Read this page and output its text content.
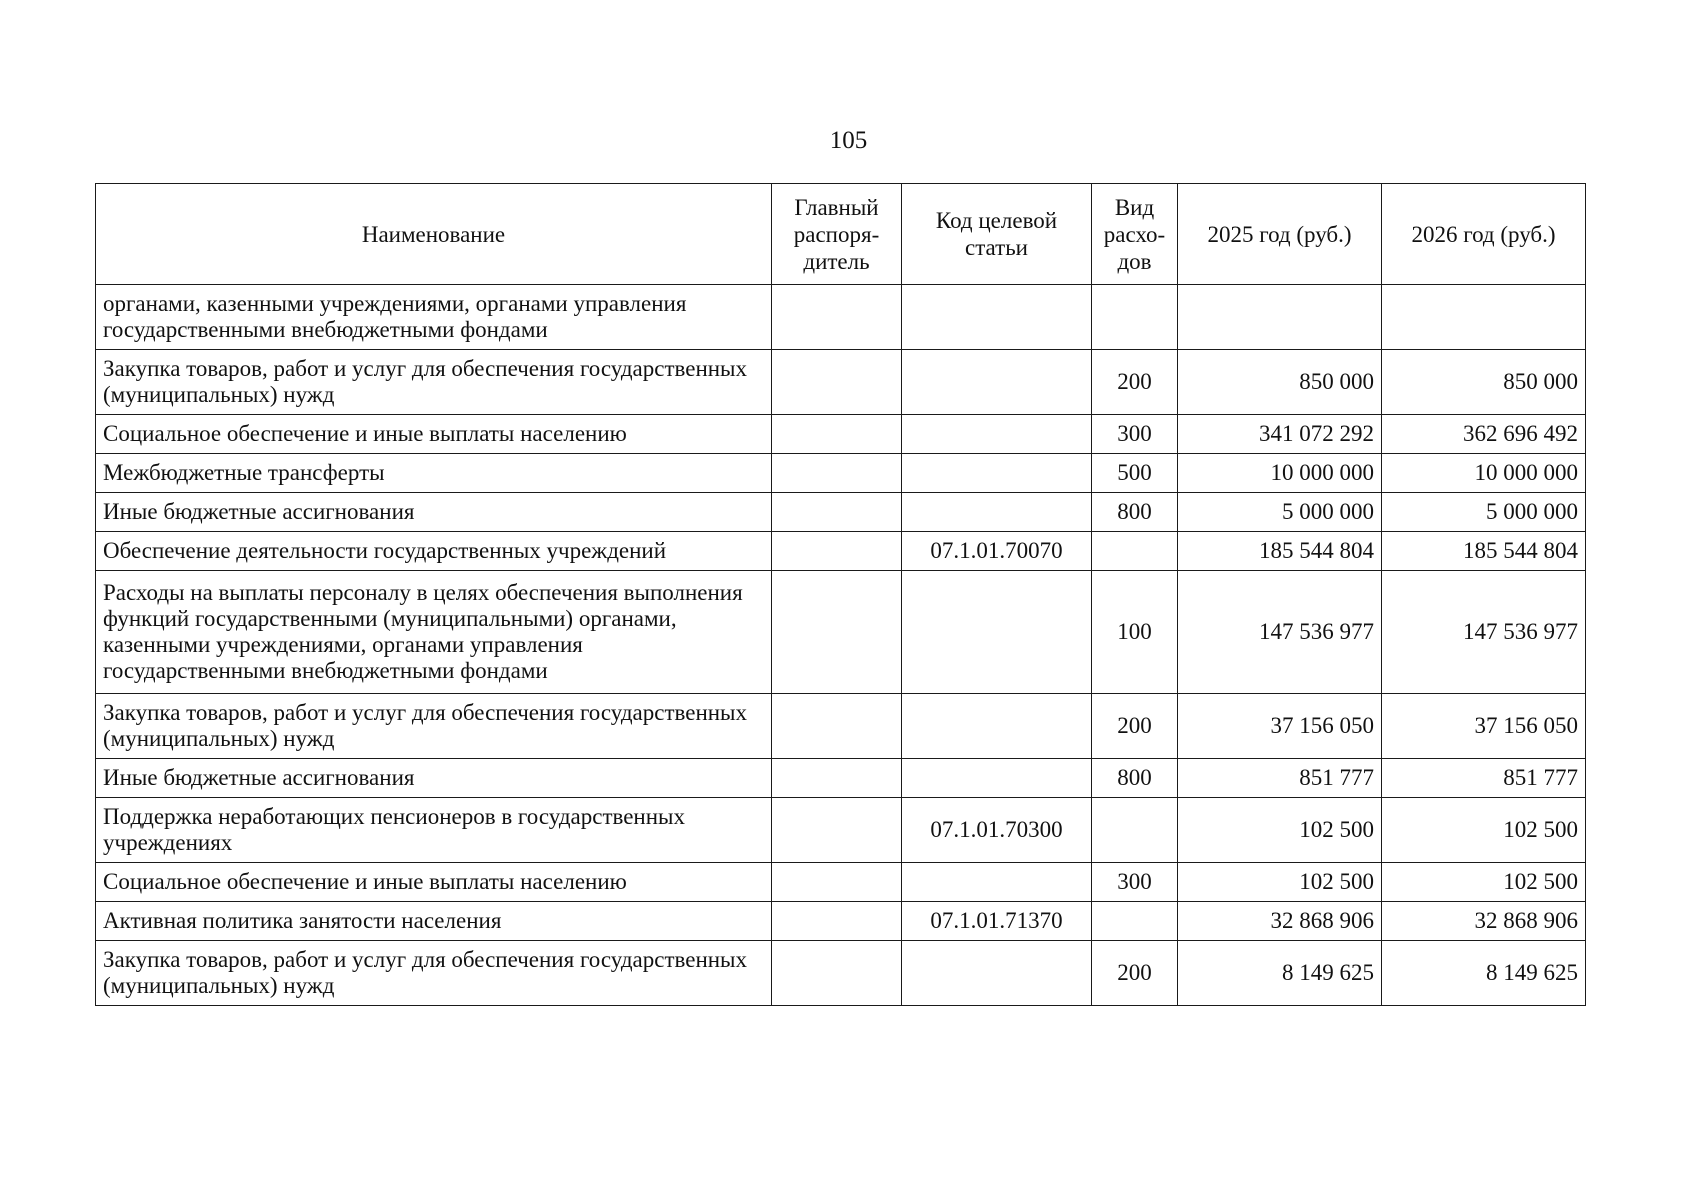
105
Наименование	Главный распоря-дитель	Код целевой статьи	Вид расхо-дов	2025 год (руб.)	2026 год (руб.)
органами, казенными учреждениями, органами управления государственными внебюджетными фондами					
Закупка товаров, работ и услуг для обеспечения государственных (муниципальных) нужд			200	850 000	850 000
Социальное обеспечение и иные выплаты населению			300	341 072 292	362 696 492
Межбюджетные трансферты			500	10 000 000	10 000 000
Иные бюджетные ассигнования			800	5 000 000	5 000 000
Обеспечение деятельности государственных учреждений		07.1.01.70070		185 544 804	185 544 804
Расходы на выплаты персоналу в целях обеспечения выполнения функций государственными (муниципальными) органами, казенными учреждениями, органами управления государственными внебюджетными фондами			100	147 536 977	147 536 977
Закупка товаров, работ и услуг для обеспечения государственных (муниципальных) нужд			200	37 156 050	37 156 050
Иные бюджетные ассигнования			800	851 777	851 777
Поддержка неработающих пенсионеров в государственных учреждениях		07.1.01.70300		102 500	102 500
Социальное обеспечение и иные выплаты населению			300	102 500	102 500
Активная политика занятости населения		07.1.01.71370		32 868 906	32 868 906
Закупка товаров, работ и услуг для обеспечения государственных (муниципальных) нужд			200	8 149 625	8 149 625
